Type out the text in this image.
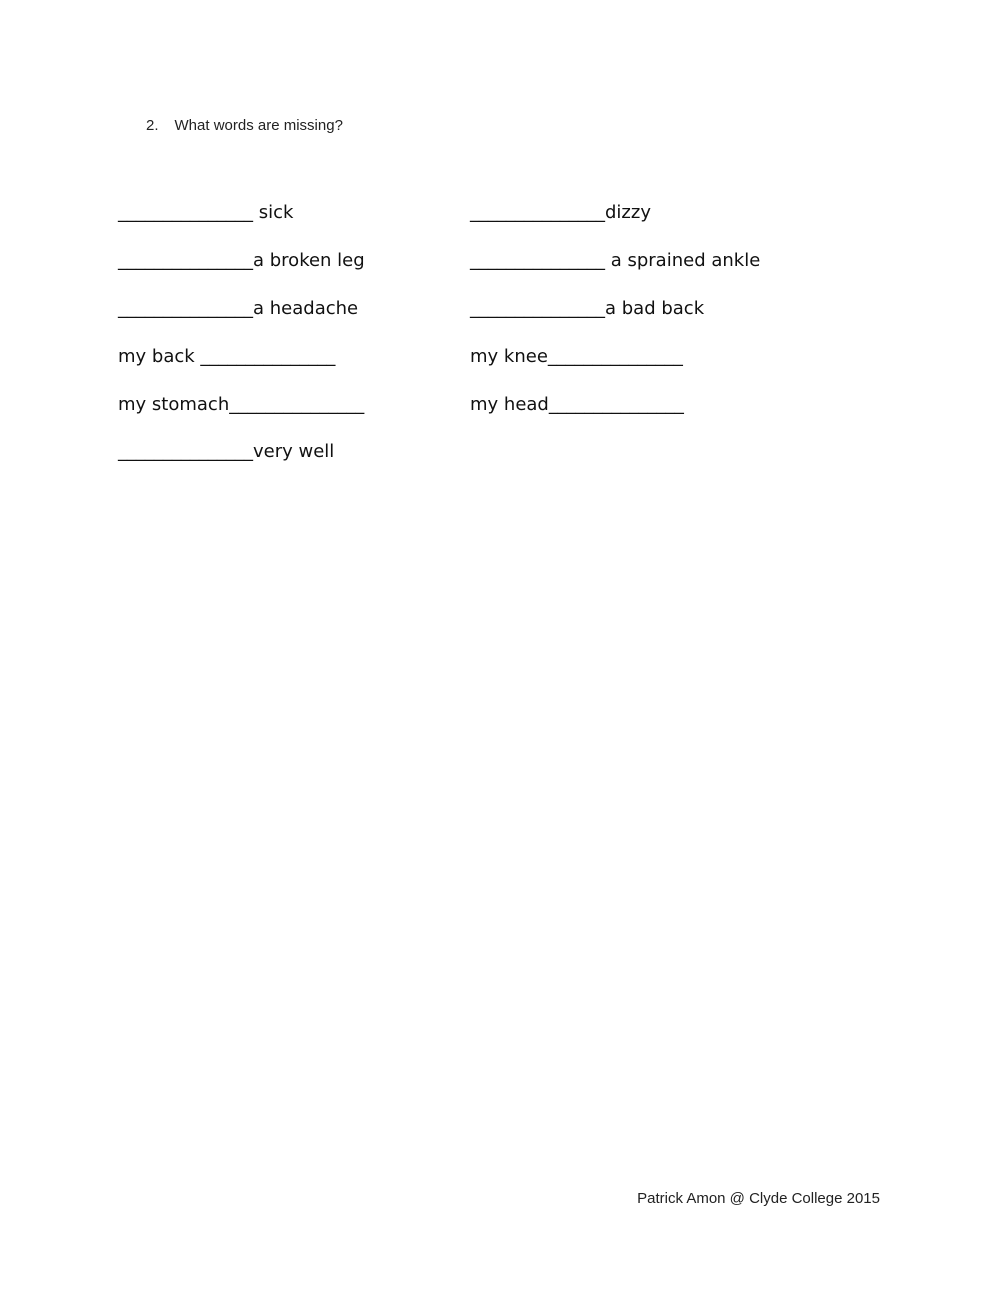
2. What words are missing?
_______________ sick	_______________dizzy
_______________a broken leg	_______________ a sprained ankle
_______________a headache	_______________a bad back
my back _______________	my knee_______________
my stomach_______________	my head_______________
_______________very well
Patrick Amon @ Clyde College 2015
